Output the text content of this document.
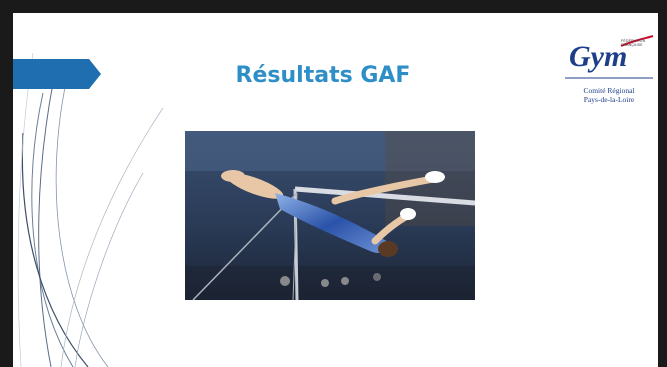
Résultats GAF
Gym
FÉDÉRATION
FRANÇAISE
Comité Régional
Pays-de-la-Loire
